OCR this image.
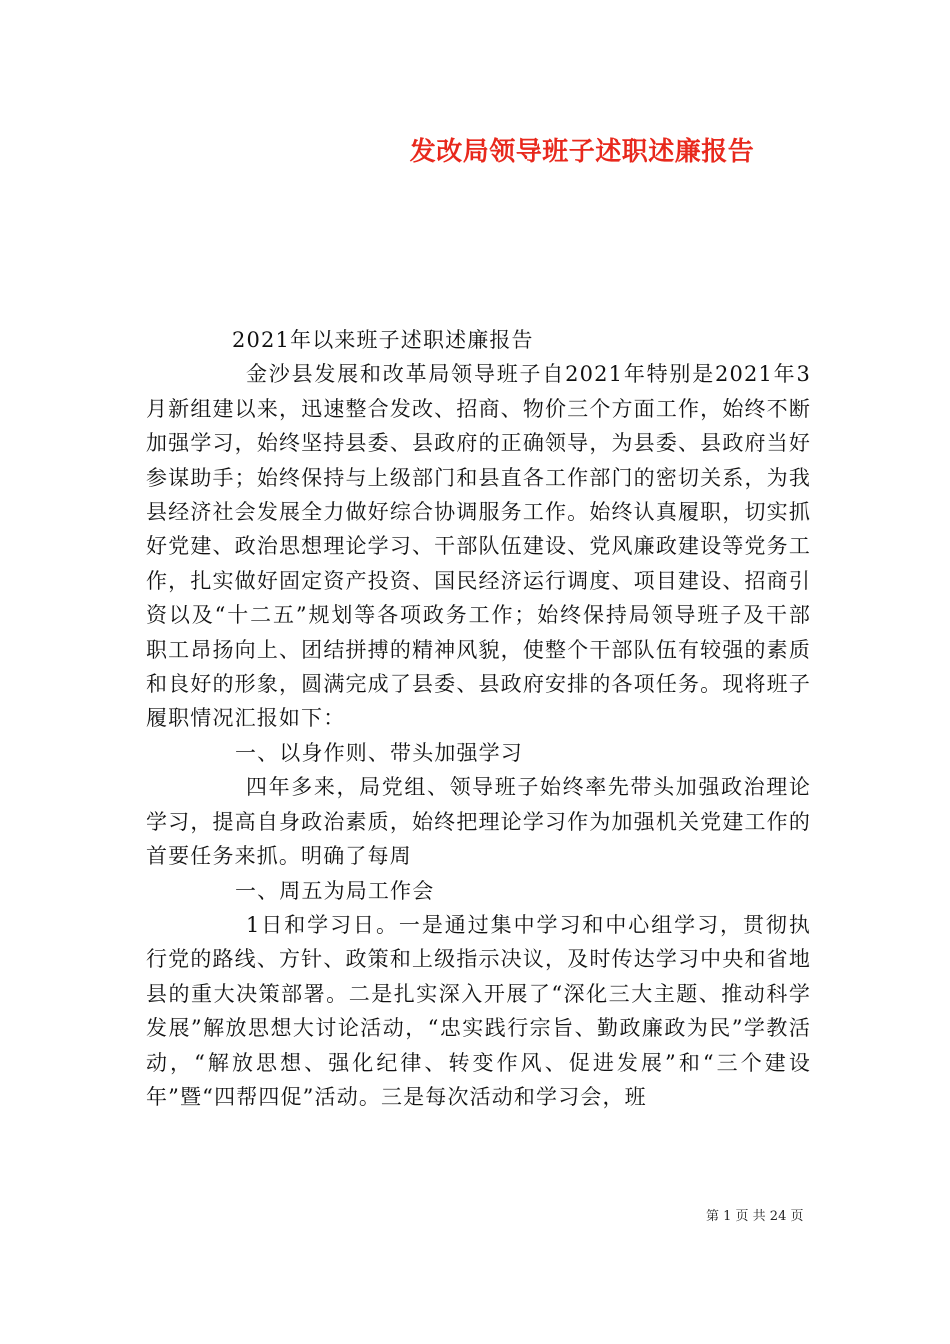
发改局领导班子述职述廉报告

2021年以来班子述职述廉报告

金沙县发展和改革局领导班子自2021年特别是2021年3月新组建以来，迅速整合发改、招商、物价三个方面工作，始终不断加强学习，始终坚持县委、县政府的正确领导，为县委、县政府当好参谋助手；始终保持与上级部门和县直各工作部门的密切关系，为我县经济社会发展全力做好综合协调服务工作。始终认真履职，切实抓好党建、政治思想理论学习、干部队伍建设、党风廉政建设等党务工作，扎实做好固定资产投资、国民经济运行调度、项目建设、招商引资以及“十二五”规划等各项政务工作；始终保持局领导班子及干部职工昂扬向上、团结拼搏的精神风貌，使整个干部队伍有较强的素质和良好的形象，圆满完成了县委、县政府安排的各项任务。现将班子履职情况汇报如下：

一、以身作则、带头加强学习

四年多来，局党组、领导班子始终率先带头加强政治理论学习，提高自身政治素质，始终把理论学习作为加强机关党建工作的首要任务来抓。明确了每周

一、周五为局工作会

1日和学习日。一是通过集中学习和中心组学习，贯彻执行党的路线、方针、政策和上级指示决议，及时传达学习中央和省地县的重大决策部署。二是扎实深入开展了“深化三大主题、推动科学发展”解放思想大讨论活动，“忠实践行宗旨、勤政廉政为民”学教活动，“解放思想、强化纪律、转变作风、促进发展”和“三个建设年”暨“四帮四促”活动。三是每次活动和学习会，班

第 1 页 共 24 页
